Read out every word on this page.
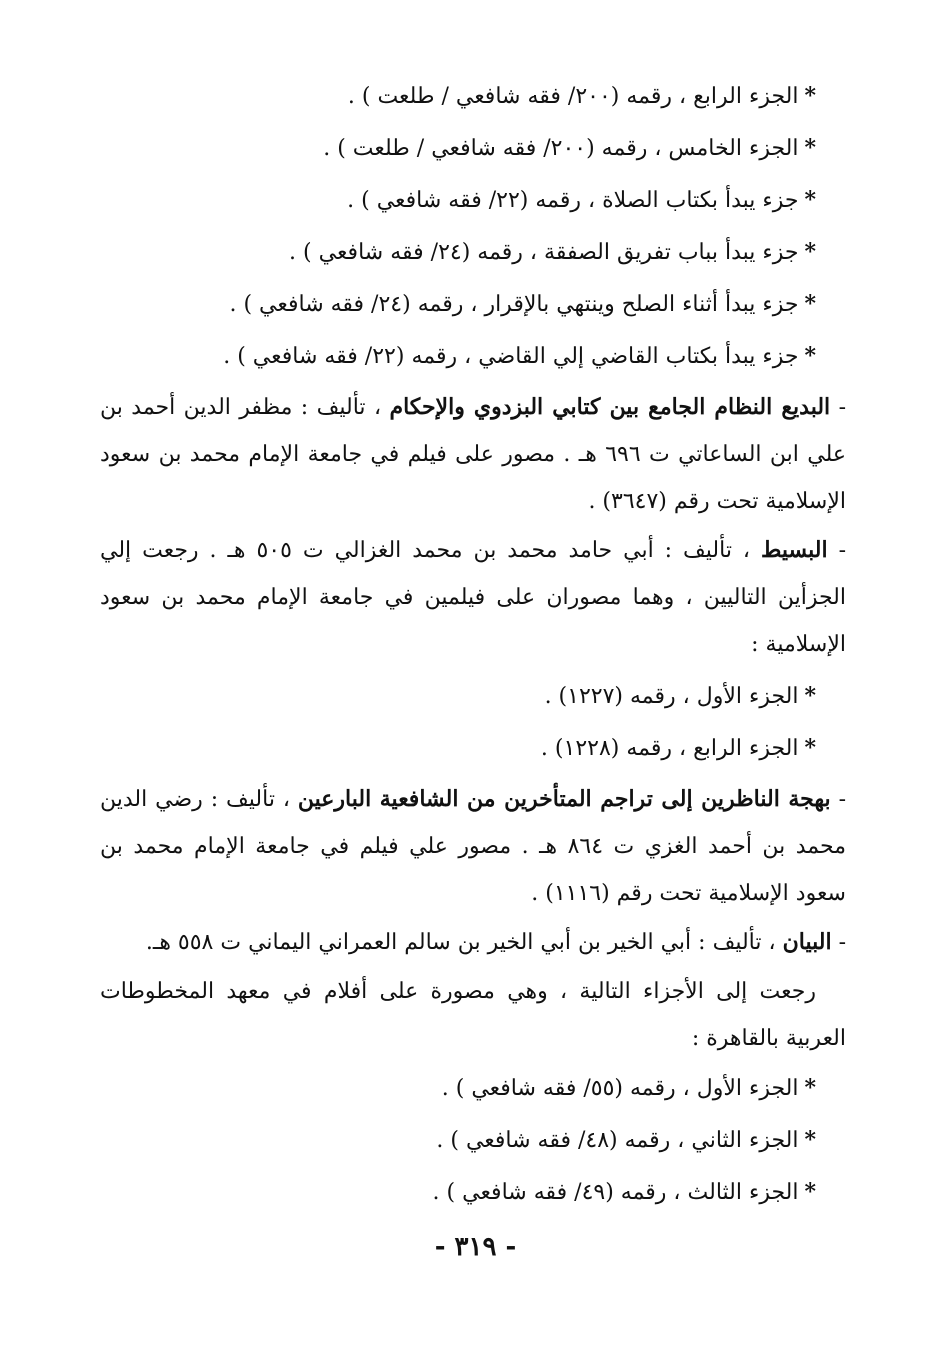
*الجزء الرابع ، رقمه (٢٠٠/ فقه شافعي / طلعت ) .
*الجزء الخامس ، رقمه (٢٠٠/ فقه شافعي / طلعت ) .
*جزء يبدأ بكتاب الصلاة ، رقمه (٢٢/ فقه شافعي ) .
*جزء يبدأ بباب تفريق الصفقة ، رقمه (٢٤/ فقه شافعي ) .
*جزء يبدأ أثناء الصلح وينتهي بالإقرار ، رقمه (٢٤/ فقه شافعي ) .
*جزء يبدأ بكتاب القاضي إلي القاضي ، رقمه (٢٢/ فقه شافعي ) .
- البديع النظام الجامع بين كتابي البزدوي والإحكام ، تأليف : مظفر الدين أحمد بن علي ابن الساعاتي ت ٦٩٦ هـ . مصور على فيلم في جامعة الإمام محمد بن سعود الإسلامية تحت رقم (٣٦٤٧) .
- البسيط ، تأليف : أبي حامد محمد بن محمد الغزالي ت ٥٠٥ هـ . رجعت إلي الجزأين التاليين ، وهما مصوران على فيلمين في جامعة الإمام محمد بن سعود الإسلامية :
*الجزء الأول ، رقمه (١٢٢٧) .
*الجزء الرابع ، رقمه (١٢٢٨) .
- بهجة الناظرين إلى تراجم المتأخرين من الشافعية البارعين ، تأليف : رضي الدين محمد بن أحمد الغزي ت ٨٦٤ هـ . مصور علي فيلم في جامعة الإمام محمد بن سعود الإسلامية تحت رقم (١١١٦) .
- البيان ، تأليف : أبي الخير بن أبي الخير بن سالم العمراني اليماني ت ٥٥٨ هـ.
رجعت إلى الأجزاء التالية ، وهي مصورة على أفلام في معهد المخطوطات العربية بالقاهرة :
*الجزء الأول ، رقمه (٥٥/ فقه شافعي ) .
*الجزء الثاني ، رقمه (٤٨/ فقه شافعي ) .
*الجزء الثالث ، رقمه (٤٩/ فقه شافعي ) .
- ٣١٩ -
